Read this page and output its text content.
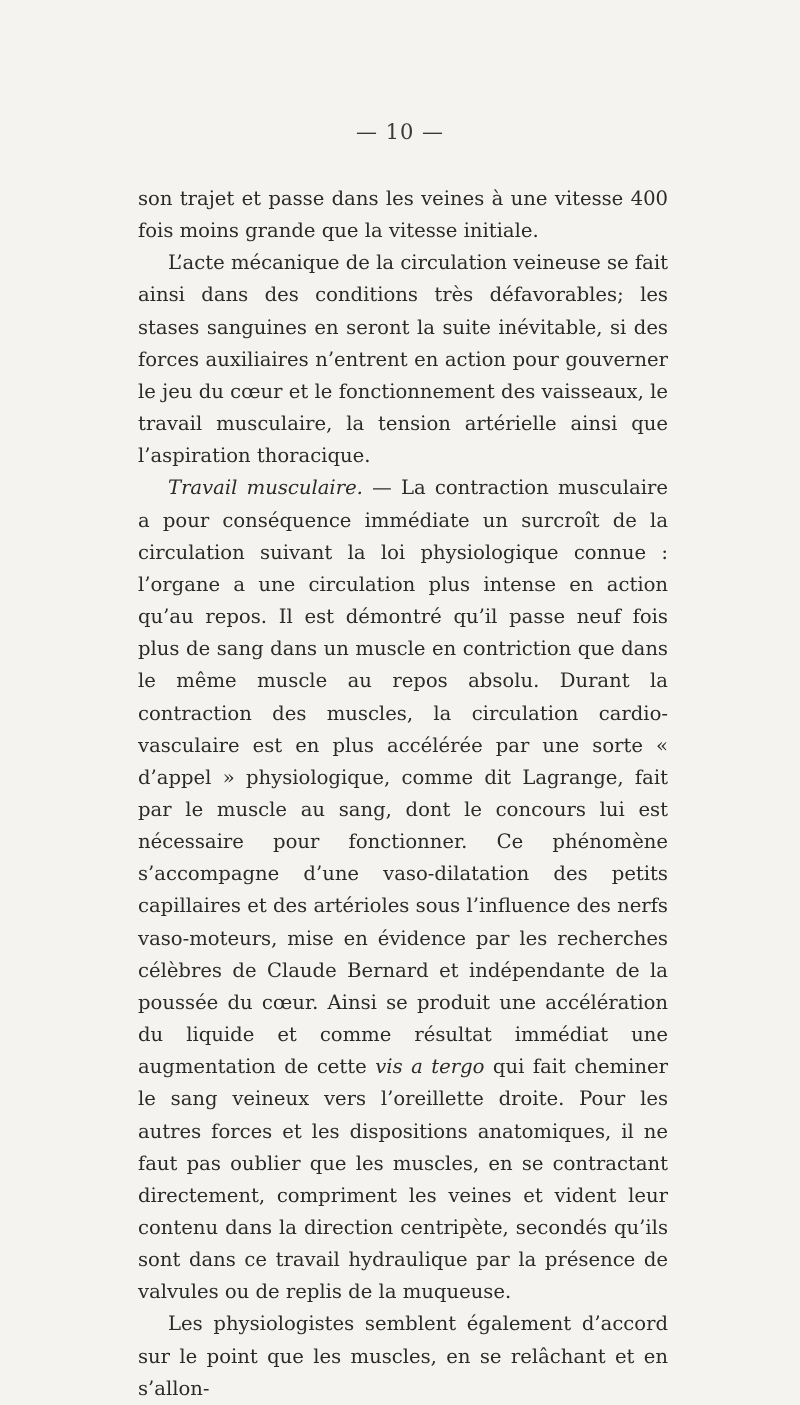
— 10 —

son trajet et passe dans les veines à une vitesse 400 fois moins grande que la vitesse initiale.

L’acte mécanique de la circulation veineuse se fait ainsi dans des conditions très défavorables; les stases sanguines en seront la suite inévitable, si des forces auxiliaires n’entrent en action pour gouverner le jeu du cœur et le fonctionnement des vaisseaux, le travail musculaire, la tension artérielle ainsi que l’aspiration thoracique.

Travail musculaire. — La contraction musculaire a pour conséquence immédiate un surcroît de la circulation suivant la loi physiologique connue : l’organe a une circulation plus intense en action qu’au repos. Il est démontré qu’il passe neuf fois plus de sang dans un muscle en contriction que dans le même muscle au repos absolu. Durant la contraction des muscles, la circulation cardio-vasculaire est en plus accélérée par une sorte « d’appel » physiologique, comme dit Lagrange, fait par le muscle au sang, dont le concours lui est nécessaire pour fonctionner. Ce phénomène s’accompagne d’une vaso-dilatation des petits capillaires et des artérioles sous l’influence des nerfs vaso-moteurs, mise en évidence par les recherches célèbres de Claude Bernard et indépendante de la poussée du cœur. Ainsi se produit une accélération du liquide et comme résultat immédiat une augmentation de cette vis a tergo qui fait cheminer le sang veineux vers l’oreillette droite. Pour les autres forces et les dispositions anatomiques, il ne faut pas oublier que les muscles, en se contractant directement, compriment les veines et vident leur contenu dans la direction centripète, secondés qu’ils sont dans ce travail hydraulique par la présence de valvules ou de replis de la muqueuse.

Les physiologistes semblent également d’accord sur le point que les muscles, en se relâchant et en s’allon-
